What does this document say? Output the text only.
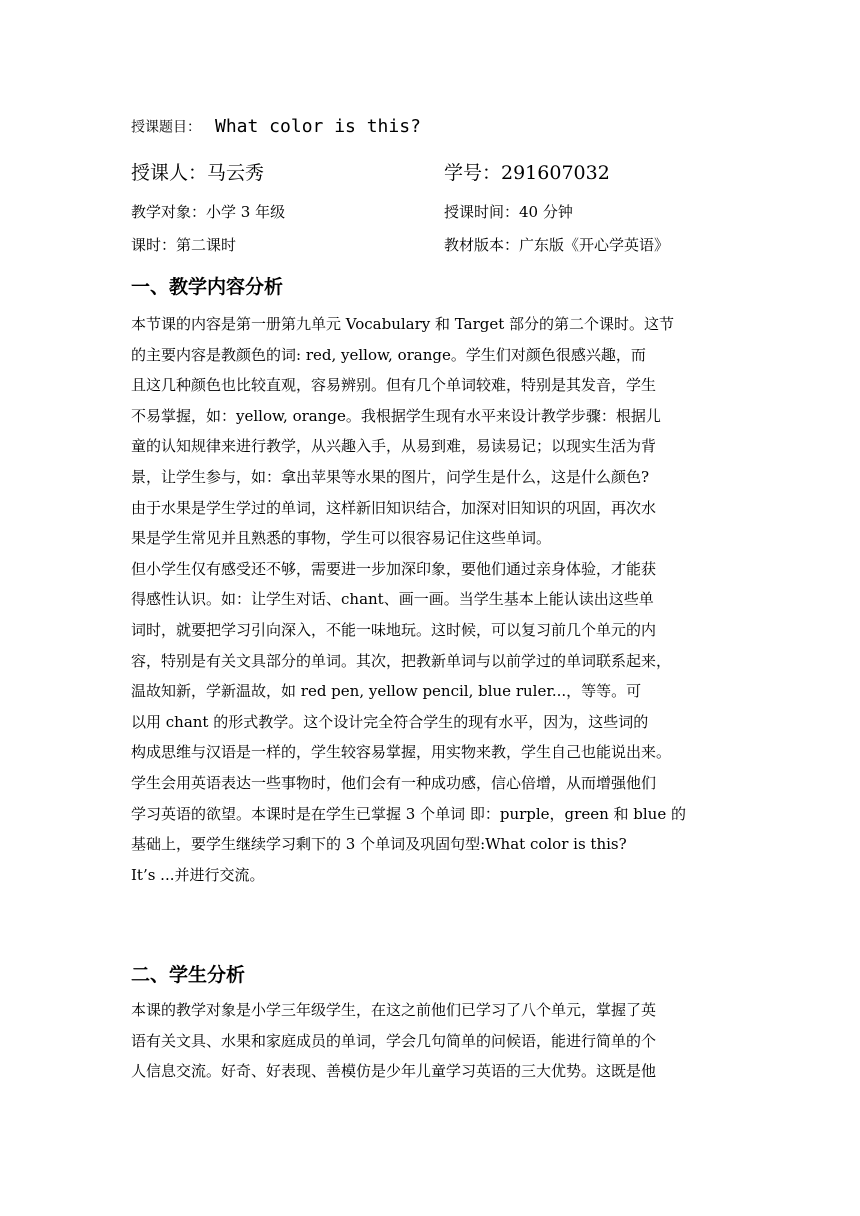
授课题目： What color is this?
授课人：马云秀	学号：291607032
教学对象：小学 3 年级	授课时间：40 分钟
课时：第二课时	教材版本：广东版《开心学英语》
一、教学内容分析
本节课的内容是第一册第九单元 Vocabulary 和 Target 部分的第二个课时。这节
的主要内容是教颜色的词: red, yellow, orange。学生们对颜色很感兴趣，而
且这几种颜色也比较直观，容易辨别。但有几个单词较难，特别是其发音，学生
不易掌握，如：yellow, orange。我根据学生现有水平来设计教学步骤：根据儿
童的认知规律来进行教学，从兴趣入手，从易到难，易读易记；以现实生活为背
景，让学生参与，如：拿出苹果等水果的图片，问学生是什么，这是什么颜色?
由于水果是学生学过的单词，这样新旧知识结合，加深对旧知识的巩固，再次水
果是学生常见并且熟悉的事物，学生可以很容易记住这些单词。
但小学生仅有感受还不够，需要进一步加深印象，要他们通过亲身体验，才能获
得感性认识。如：让学生对话、chant、画一画。当学生基本上能认读出这些单
词时，就要把学习引向深入，不能一味地玩。这时候，可以复习前几个单元的内
容，特别是有关文具部分的单词。其次，把教新单词与以前学过的单词联系起来，
温故知新，学新温故，如 red pen, yellow pencil, blue ruler...，等等。可
以用 chant 的形式教学。这个设计完全符合学生的现有水平，因为，这些词的
构成思维与汉语是一样的，学生较容易掌握，用实物来教，学生自己也能说出来。
学生会用英语表达一些事物时，他们会有一种成功感，信心倍增，从而增强他们
学习英语的欲望。本课时是在学生已掌握 3 个单词 即：purple，green 和 blue 的
基础上，要学生继续学习剩下的 3 个单词及巩固句型:What color is this?
It’s ...并进行交流。
二、学生分析
本课的教学对象是小学三年级学生，在这之前他们已学习了八个单元，掌握了英
语有关文具、水果和家庭成员的单词，学会几句简单的问候语，能进行简单的个
人信息交流。好奇、好表现、善模仿是少年儿童学习英语的三大优势。这既是他
